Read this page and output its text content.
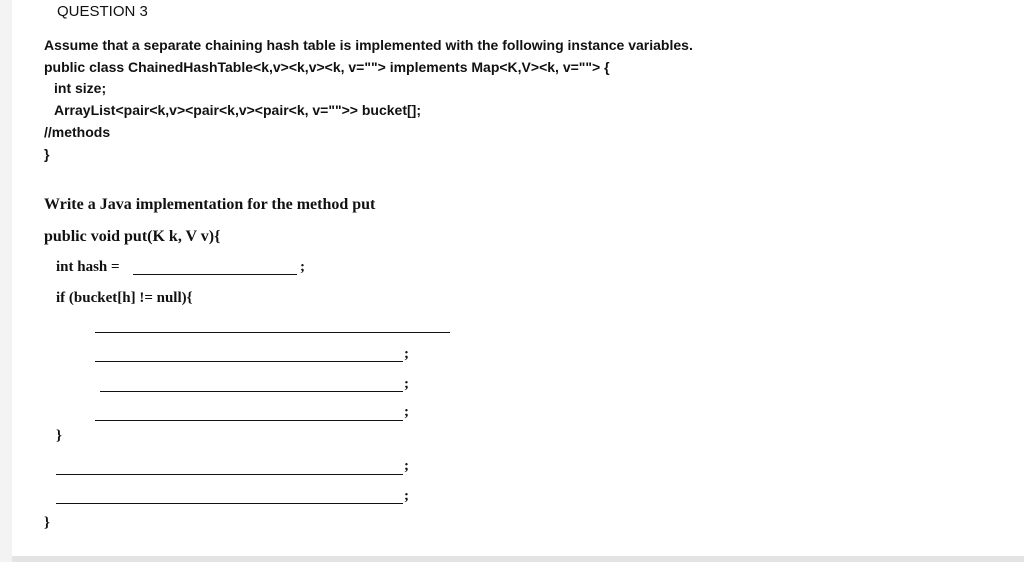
QUESTION 3
Assume that a separate chaining hash table is implemented with the following instance variables.
public class ChainedHashTable<k,v><k,v><k, v=""> implements Map<K,V><k, v=""> {
int size;
ArrayList<pair<k,v><pair<k,v><pair<k, v="">> bucket[];
//methods
}
Write a Java implementation for the method put
public void put(K k, V v){
int hash =	;
if (bucket[h] != null){
;
;
;
}
;
;
}
